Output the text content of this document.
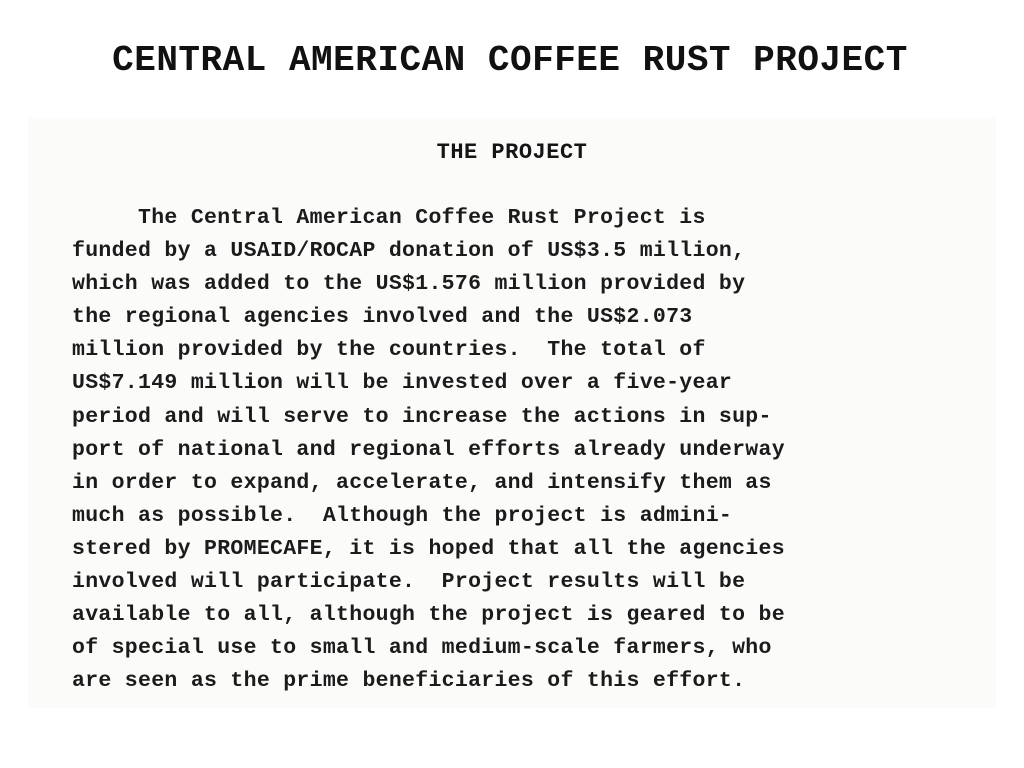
CENTRAL AMERICAN COFFEE RUST PROJECT
THE PROJECT
The Central American Coffee Rust Project is
funded by a USAID/ROCAP donation of US$3.5 million,
which was added to the US$1.576 million provided by
the regional agencies involved and the US$2.073
million provided by the countries.  The total of
US$7.149 million will be invested over a five-year
period and will serve to increase the actions in sup-
port of national and regional efforts already underway
in order to expand, accelerate, and intensify them as
much as possible.  Although the project is admini-
stered by PROMECAFE, it is hoped that all the agencies
involved will participate.  Project results will be
available to all, although the project is geared to be
of special use to small and medium-scale farmers, who
are seen as the prime beneficiaries of this effort.
